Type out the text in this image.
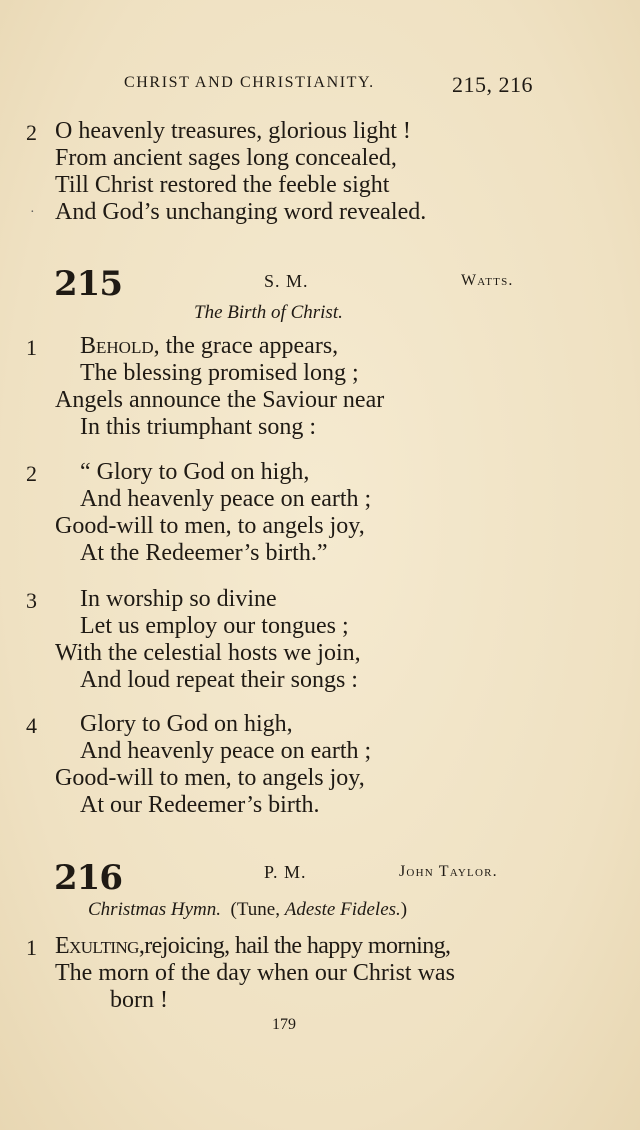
CHRIST AND CHRISTIANITY.	215, 216
2 O heavenly treasures, glorious light !
From ancient sages long concealed,
Till Christ restored the feeble sight
· And God’s unchanging word revealed.
215	S. M.	Watts.
The Birth of Christ.
1 Behold, the grace appears,
The blessing promised long ;
Angels announce the Saviour near
In this triumphant song :
2 “ Glory to God on high,
And heavenly peace on earth ;
Good-will to men, to angels joy,
At the Redeemer’s birth.”
3 In worship so divine
Let us employ our tongues ;
With the celestial hosts we join,
And loud repeat their songs :
4 Glory to God on high,
And heavenly peace on earth ;
Good-will to men, to angels joy,
At our Redeemer’s birth.
216	P. M.	John Taylor.
Christmas Hymn. (Tune, Adeste Fideles.)
1 Exulting,rejoicing, hail the happy morning,
The morn of the day when our Christ was
born !
179
